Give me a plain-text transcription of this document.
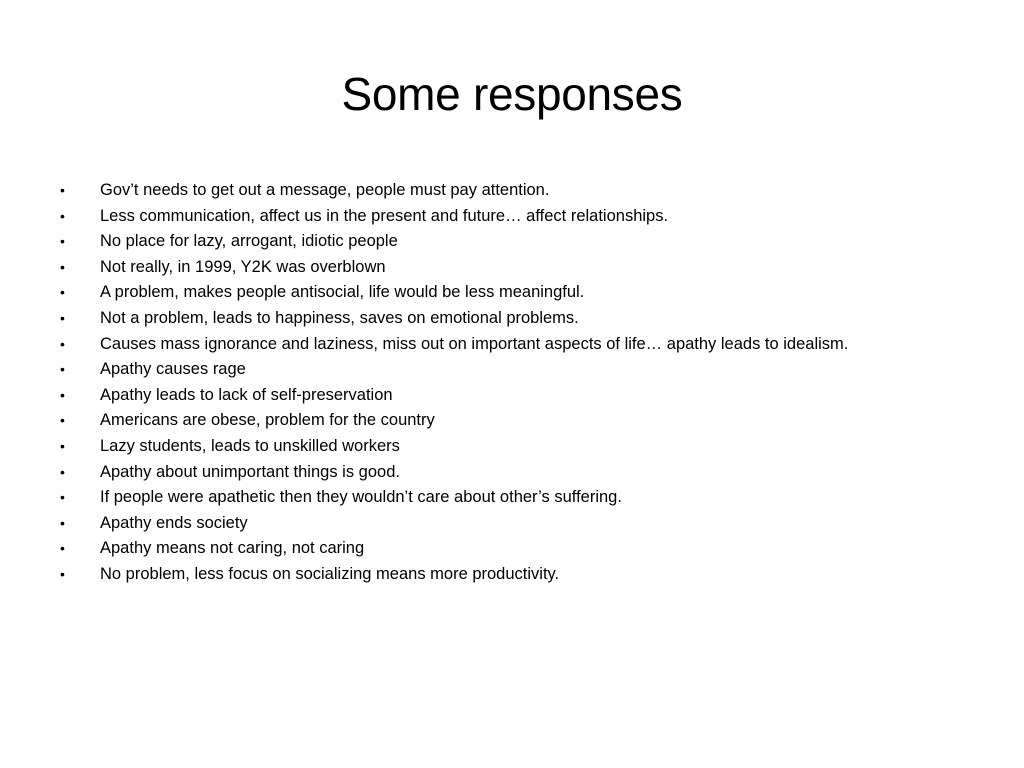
Some responses
• Gov’t needs to get out a message, people must pay attention.
• Less communication, affect us in the present and future… affect relationships.
• No place for lazy, arrogant, idiotic people
• Not really, in 1999, Y2K was overblown
• A problem, makes people antisocial, life would be less meaningful.
• Not a problem, leads to happiness, saves on emotional problems.
• Causes mass ignorance and laziness, miss out on important aspects of life… apathy leads to idealism.
• Apathy causes rage
• Apathy leads to lack of self-preservation
• Americans are obese, problem for the country
• Lazy students, leads to unskilled workers
• Apathy about unimportant things is good.
• If people were apathetic then they wouldn’t care about other’s suffering.
• Apathy ends society
• Apathy means not caring, not caring
• No problem, less focus on socializing means more productivity.
